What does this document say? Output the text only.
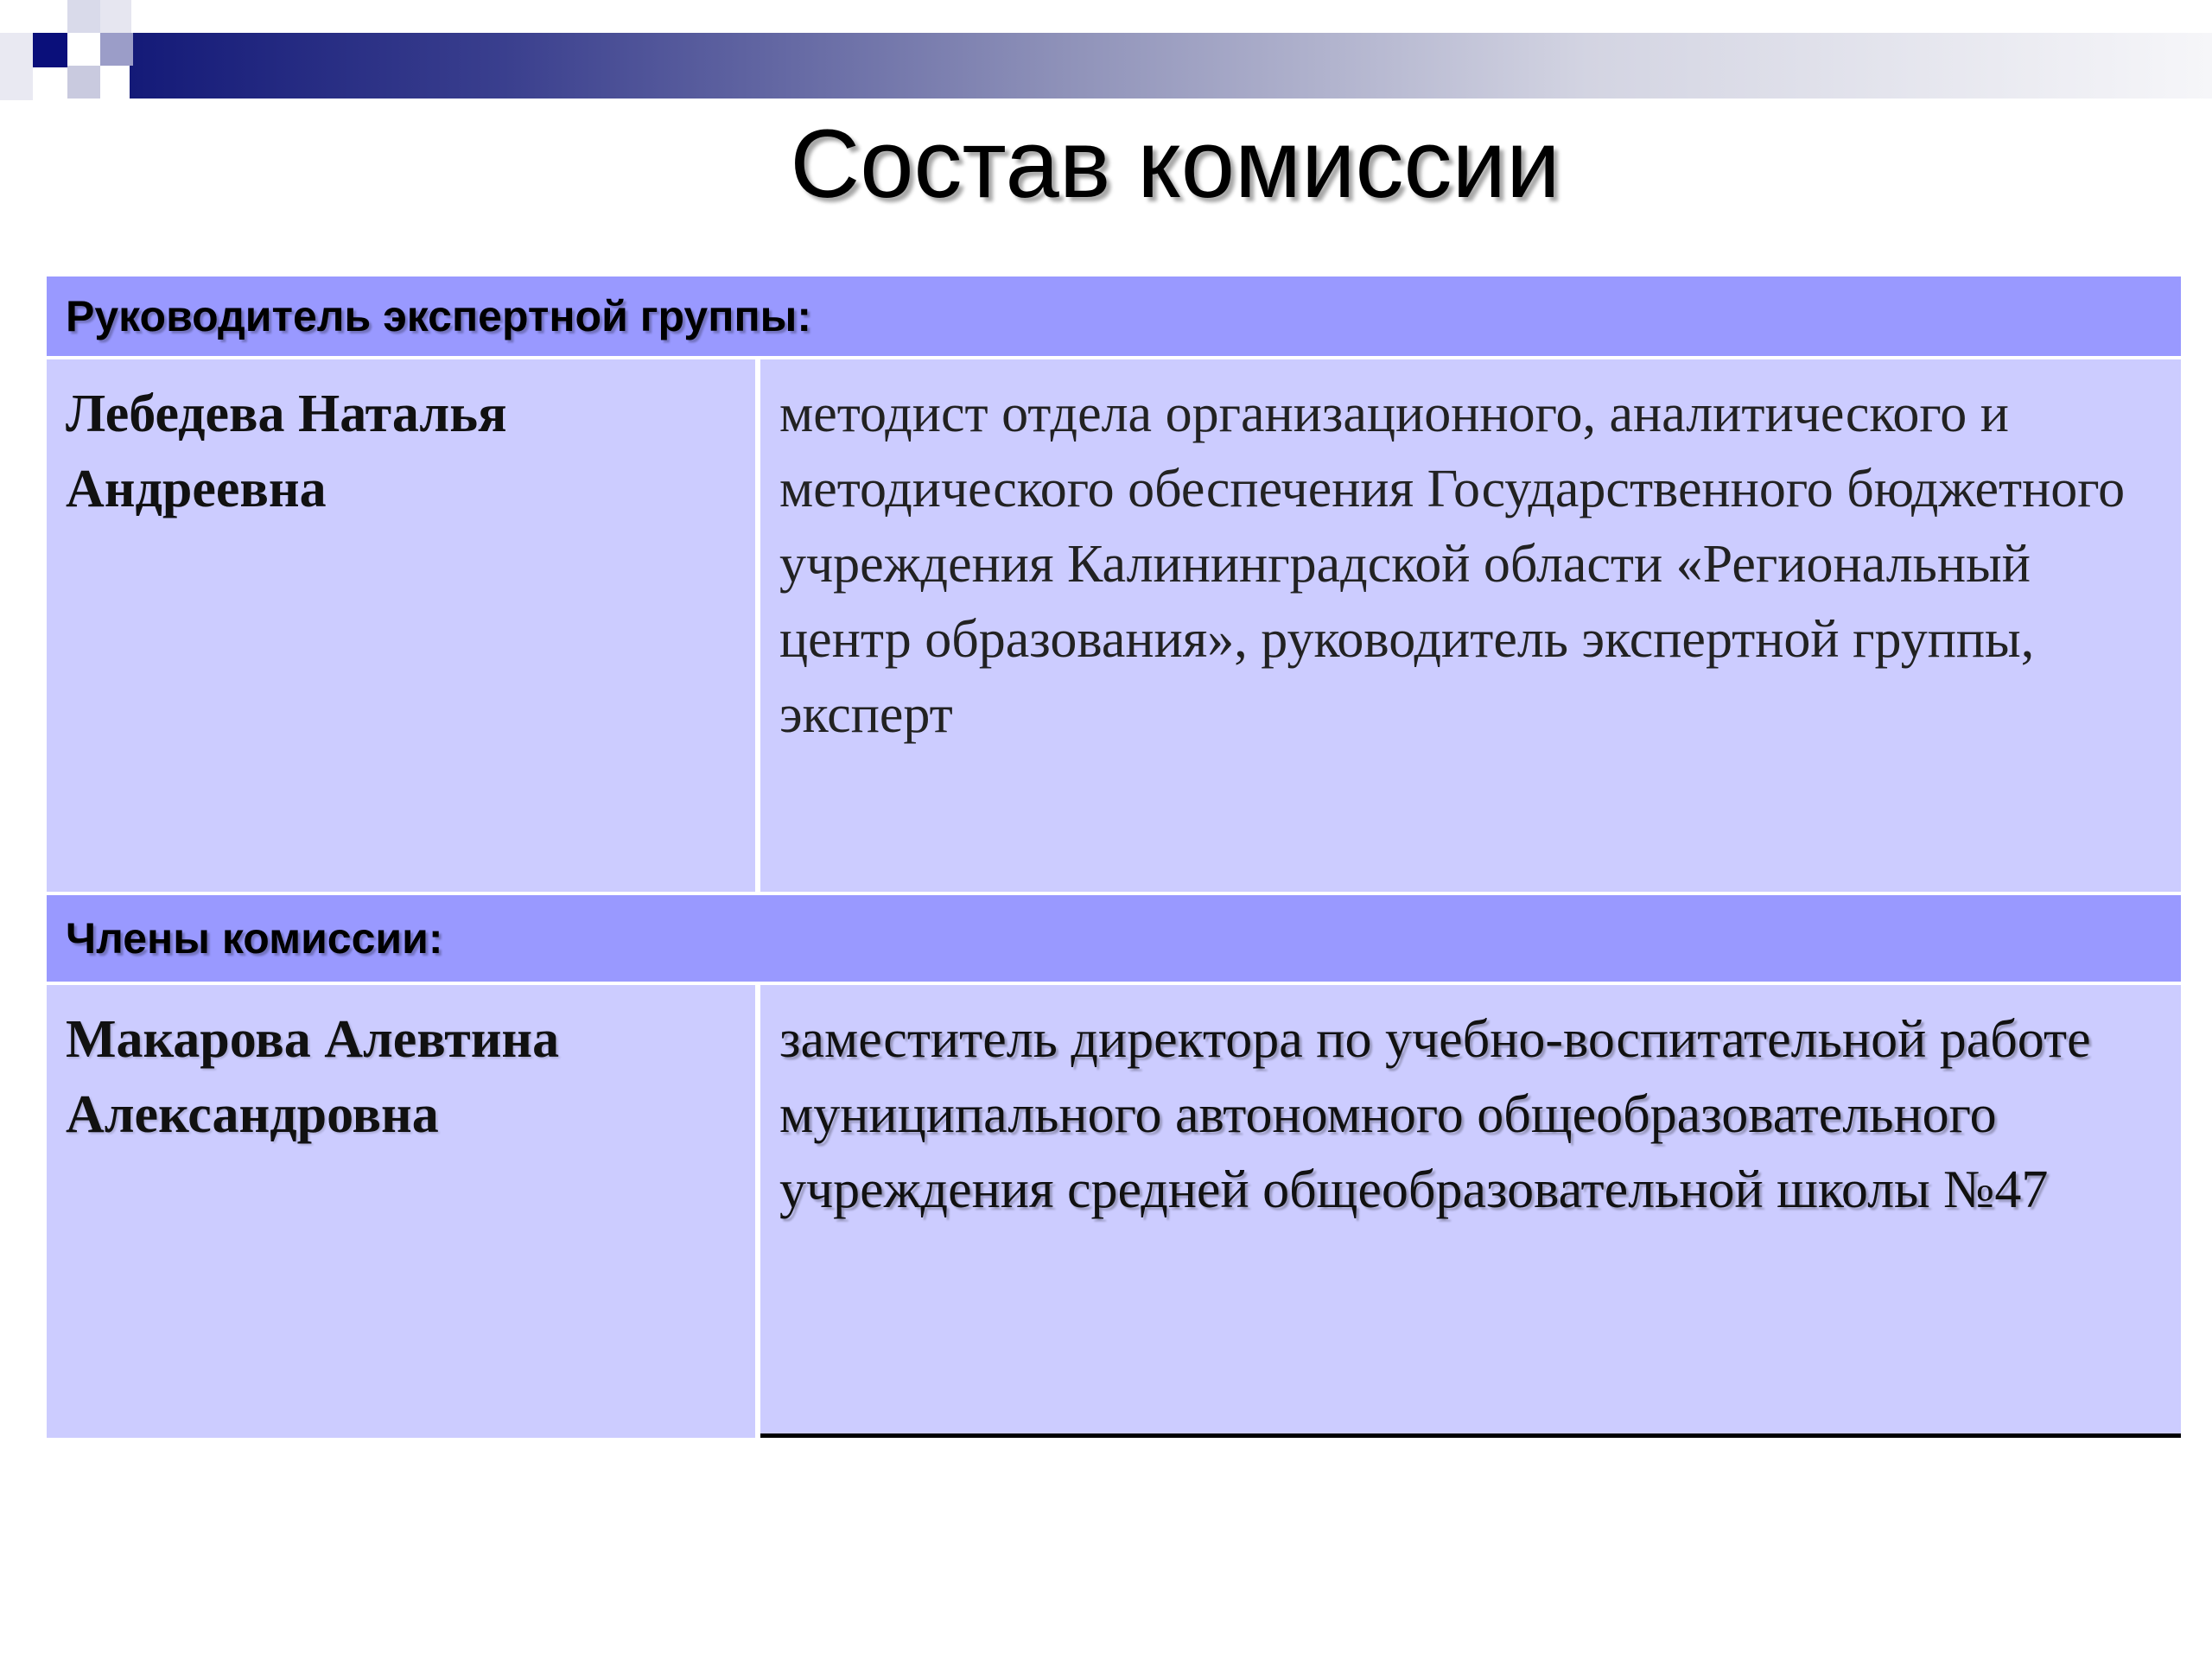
Состав комиссии
Руководитель экспертной группы:
Лебедева Наталья Андреевна
методист отдела организационного, аналитического и методического обеспечения Государственного бюджетного учреждения Калининградской области «Региональный центр образования», руководитель экспертной группы, эксперт
Члены комиссии:
Макарова Алевтина Александровна
заместитель директора по учебно-воспитательной работе муниципального автономного общеобразовательного учреждения средней общеобразовательной школы №47
